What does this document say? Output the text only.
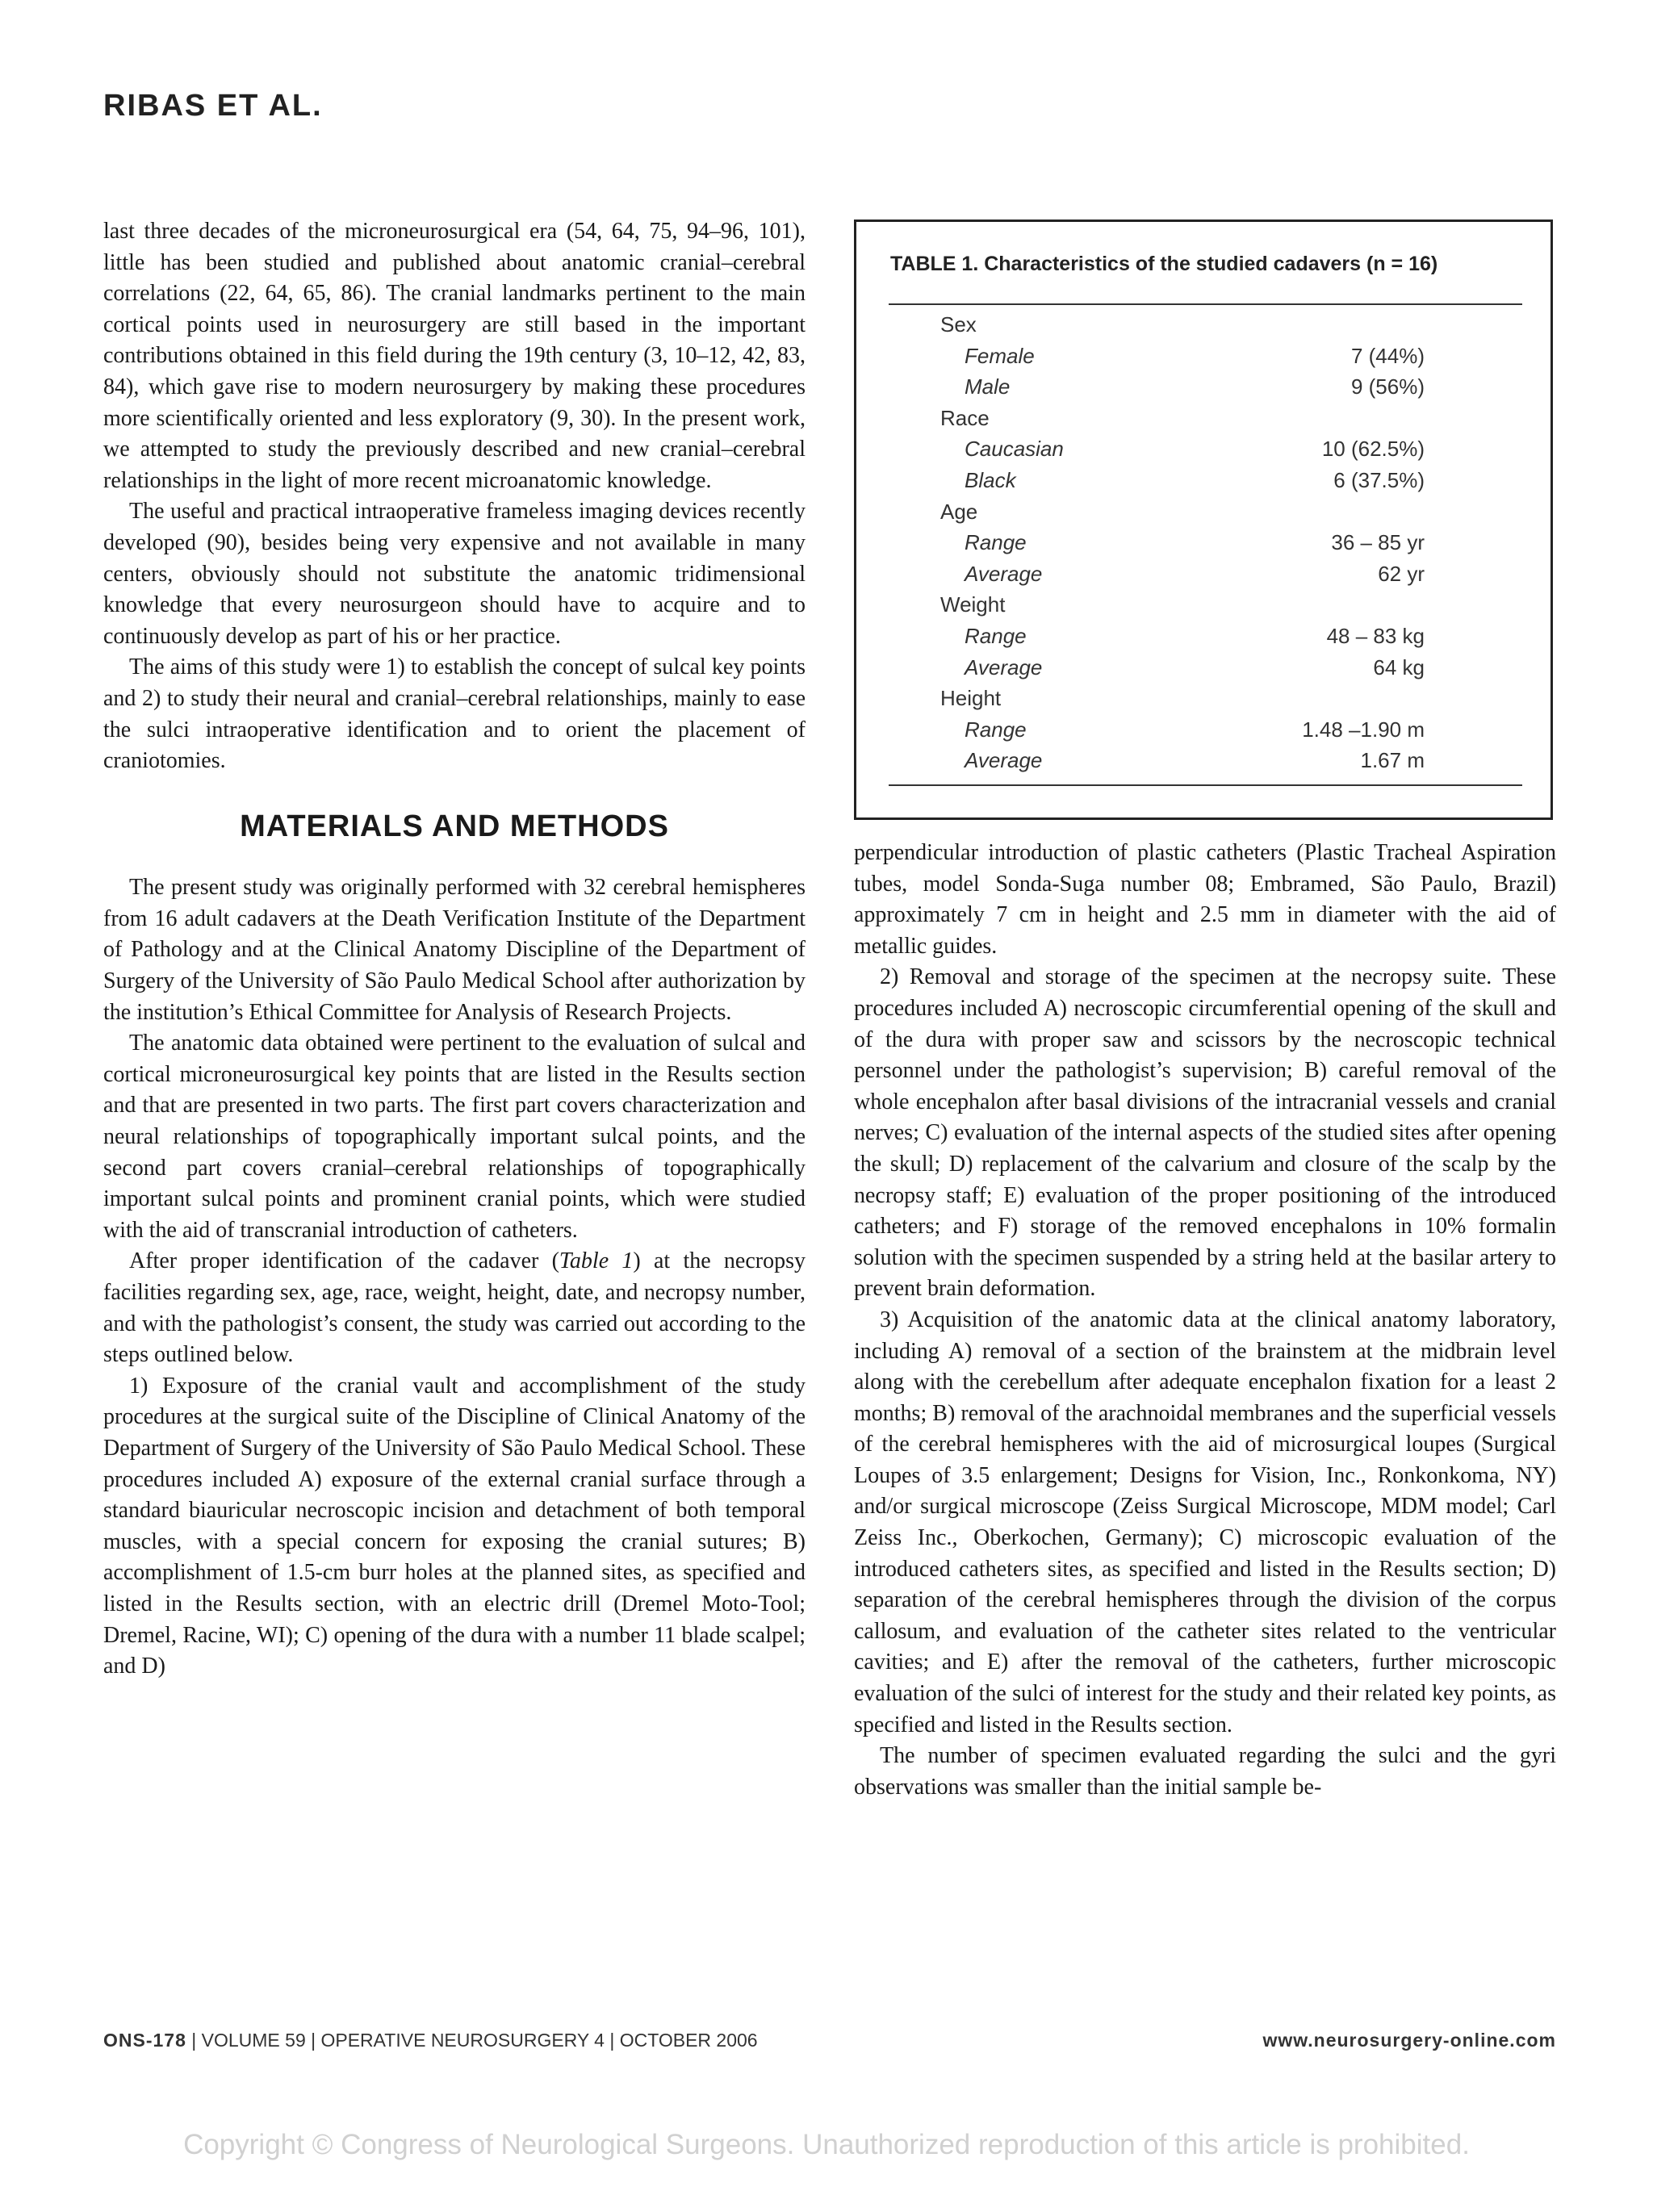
RIBAS ET AL.

last three decades of the microneurosurgical era (54, 64, 75, 94–96, 101), little has been studied and published about anatomic cranial–cerebral correlations (22, 64, 65, 86). The cranial landmarks pertinent to the main cortical points used in neurosurgery are still based in the important contributions obtained in this field during the 19th century (3, 10–12, 42, 83, 84), which gave rise to modern neurosurgery by making these procedures more scientifically oriented and less exploratory (9, 30). In the present work, we attempted to study the previously described and new cranial–cerebral relationships in the light of more recent microanatomic knowledge.

The useful and practical intraoperative frameless imaging devices recently developed (90), besides being very expensive and not available in many centers, obviously should not substitute the anatomic tridimensional knowledge that every neurosurgeon should have to acquire and to continuously develop as part of his or her practice.

The aims of this study were 1) to establish the concept of sulcal key points and 2) to study their neural and cranial–cerebral relationships, mainly to ease the sulci intraoperative identification and to orient the placement of craniotomies.

MATERIALS AND METHODS

The present study was originally performed with 32 cerebral hemispheres from 16 adult cadavers at the Death Verification Institute of the Department of Pathology and at the Clinical Anatomy Discipline of the Department of Surgery of the University of São Paulo Medical School after authorization by the institution’s Ethical Committee for Analysis of Research Projects.

The anatomic data obtained were pertinent to the evaluation of sulcal and cortical microneurosurgical key points that are listed in the Results section and that are presented in two parts. The first part covers characterization and neural relationships of topographically important sulcal points, and the second part covers cranial–cerebral relationships of topographically important sulcal points and prominent cranial points, which were studied with the aid of transcranial introduction of catheters.

After proper identification of the cadaver (Table 1) at the necropsy facilities regarding sex, age, race, weight, height, date, and necropsy number, and with the pathologist’s consent, the study was carried out according to the steps outlined below.

1) Exposure of the cranial vault and accomplishment of the study procedures at the surgical suite of the Discipline of Clinical Anatomy of the Department of Surgery of the University of São Paulo Medical School. These procedures included A) exposure of the external cranial surface through a standard biauricular necroscopic incision and detachment of both temporal muscles, with a special concern for exposing the cranial sutures; B) accomplishment of 1.5-cm burr holes at the planned sites, as specified and listed in the Results section, with an electric drill (Dremel Moto-Tool; Dremel, Racine, WI); C) opening of the dura with a number 11 blade scalpel; and D)

TABLE 1. Characteristics of the studied cadavers (n = 16)
Sex
Female	7 (44%)
Male	9 (56%)
Race
Caucasian	10 (62.5%)
Black	6 (37.5%)
Age
Range	36 – 85 yr
Average	62 yr
Weight
Range	48 – 83 kg
Average	64 kg
Height
Range	1.48 –1.90 m
Average	1.67 m

perpendicular introduction of plastic catheters (Plastic Tracheal Aspiration tubes, model Sonda-Suga number 08; Embramed, São Paulo, Brazil) approximately 7 cm in height and 2.5 mm in diameter with the aid of metallic guides.

2) Removal and storage of the specimen at the necropsy suite. These procedures included A) necroscopic circumferential opening of the skull and of the dura with proper saw and scissors by the necroscopic technical personnel under the pathologist’s supervision; B) careful removal of the whole encephalon after basal divisions of the intracranial vessels and cranial nerves; C) evaluation of the internal aspects of the studied sites after opening the skull; D) replacement of the calvarium and closure of the scalp by the necropsy staff; E) evaluation of the proper positioning of the introduced catheters; and F) storage of the removed encephalons in 10% formalin solution with the specimen suspended by a string held at the basilar artery to prevent brain deformation.

3) Acquisition of the anatomic data at the clinical anatomy laboratory, including A) removal of a section of the brainstem at the midbrain level along with the cerebellum after adequate encephalon fixation for a least 2 months; B) removal of the arachnoidal membranes and the superficial vessels of the cerebral hemispheres with the aid of microsurgical loupes (Surgical Loupes of 3.5 enlargement; Designs for Vision, Inc., Ronkonkoma, NY) and/or surgical microscope (Zeiss Surgical Microscope, MDM model; Carl Zeiss Inc., Oberkochen, Germany); C) microscopic evaluation of the introduced catheters sites, as specified and listed in the Results section; D) separation of the cerebral hemispheres through the division of the corpus callosum, and evaluation of the catheter sites related to the ventricular cavities; and E) after the removal of the catheters, further microscopic evaluation of the sulci of interest for the study and their related key points, as specified and listed in the Results section.

The number of specimen evaluated regarding the sulci and the gyri observations was smaller than the initial sample be-

ONS-178 | VOLUME 59 | OPERATIVE NEUROSURGERY 4 | OCTOBER 2006	www.neurosurgery-online.com
Copyright © Congress of Neurological Surgeons. Unauthorized reproduction of this article is prohibited.
